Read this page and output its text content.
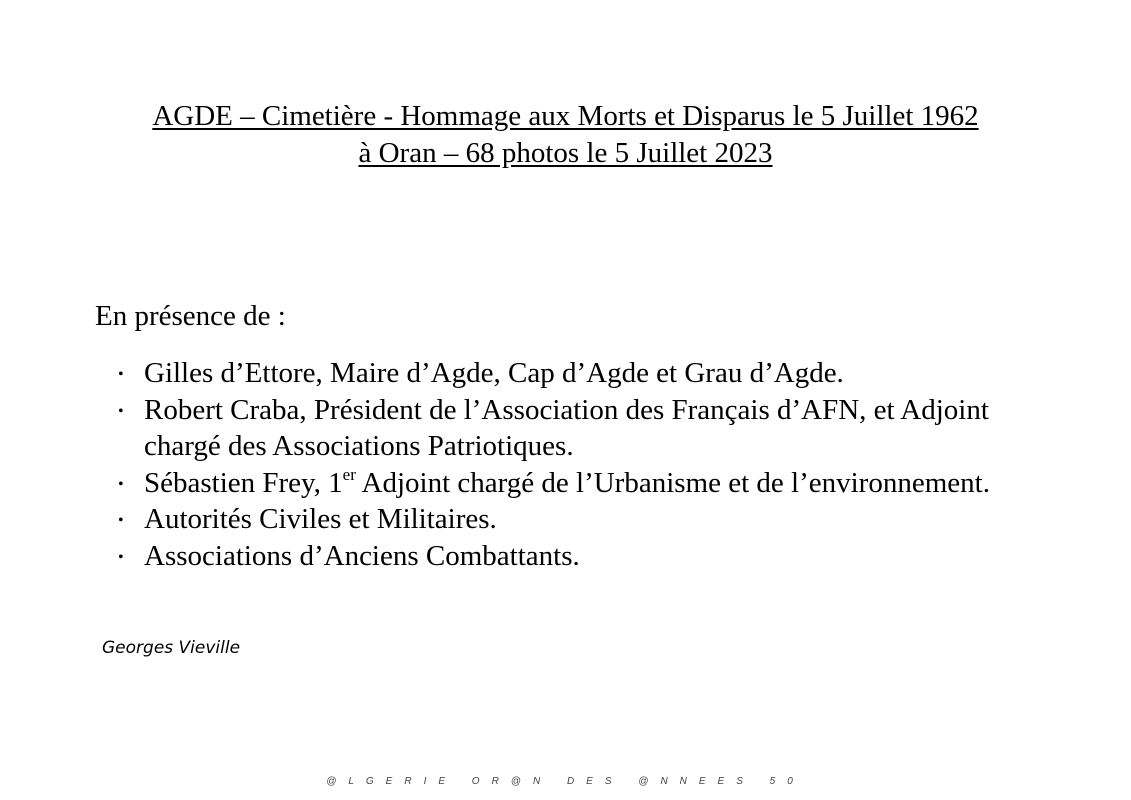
AGDE – Cimetière - Hommage aux Morts et Disparus le 5 Juillet 1962
à Oran – 68 photos le 5 Juillet 2023
En présence de :
• Gilles d’Ettore, Maire d’Agde, Cap d’Agde et Grau d’Agde.
• Robert Craba, Président de l’Association des Français d’AFN, et Adjoint chargé des Associations Patriotiques.
• Sébastien Frey, 1er Adjoint chargé de l’Urbanisme et de l’environnement.
• Autorités Civiles et Militaires.
• Associations d’Anciens Combattants.
Georges Vieville
@LGERIE OR@N DES @NNEES 50
